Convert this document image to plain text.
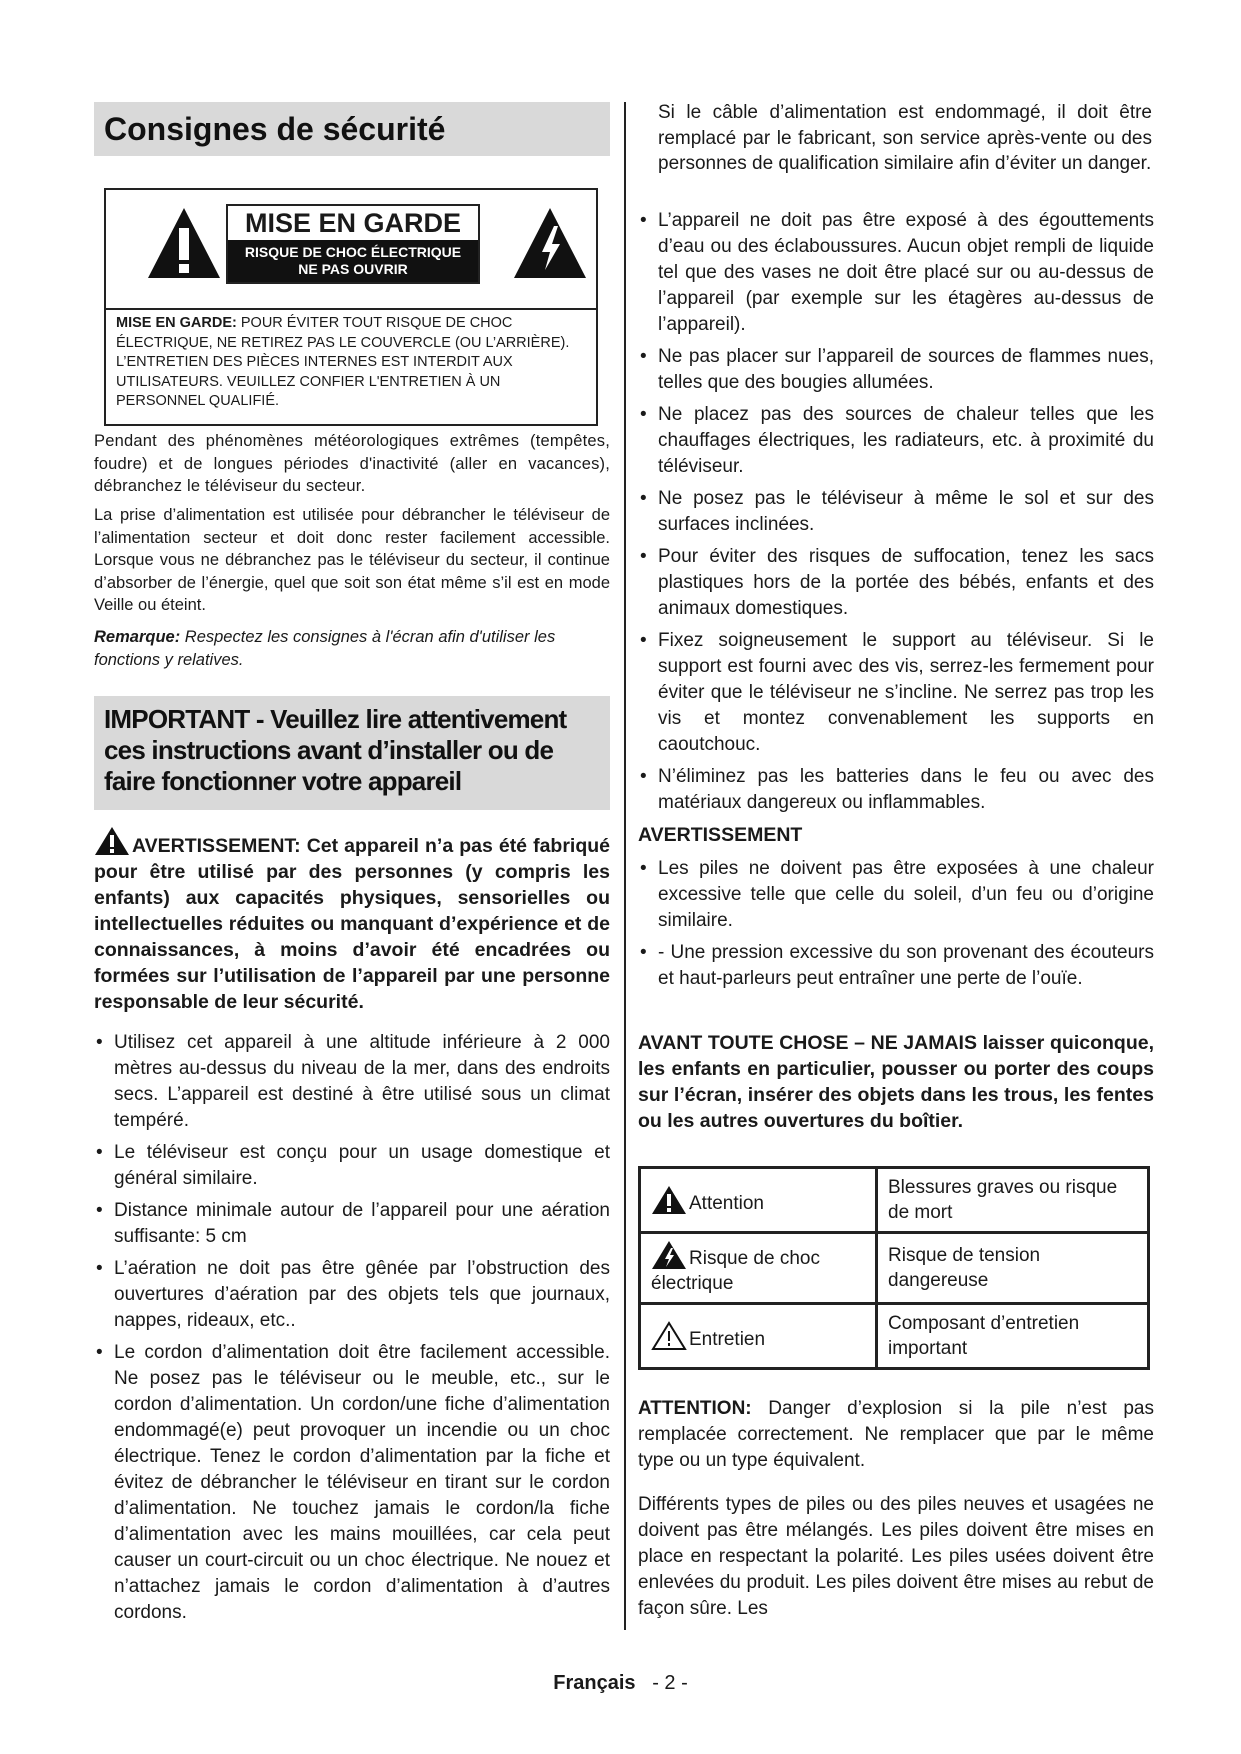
Consignes de sécurité
MISE EN GARDE
RISQUE DE CHOC ÉLECTRIQUE
NE PAS OUVRIR
MISE EN GARDE: POUR ÉVITER TOUT RISQUE DE CHOC ÉLECTRIQUE, NE RETIREZ PAS LE COUVERCLE (OU L’ARRIÈRE).
L’ENTRETIEN DES PIÈCES INTERNES EST INTERDIT AUX UTILISATEURS. VEUILLEZ CONFIER L'ENTRETIEN À UN PERSONNEL QUALIFIÉ.

Pendant des phénomènes météorologiques extrêmes (tempêtes, foudre) et de longues périodes d'inactivité (aller en vacances), débranchez le téléviseur du secteur.

La prise d’alimentation est utilisée pour débrancher le téléviseur de l’alimentation secteur et doit donc rester facilement accessible. Lorsque vous ne débranchez pas le téléviseur du secteur, il continue d’absorber de l’énergie, quel que soit son état même s’il est en mode Veille ou éteint.

Remarque: Respectez les consignes à l'écran afin d'utiliser les fonctions y relatives.

IMPORTANT - Veuillez lire attentivement ces instructions avant d’installer ou de faire fonctionner votre appareil

AVERTISSEMENT: Cet appareil n’a pas été fabriqué pour être utilisé par des personnes (y compris les enfants) aux capacités physiques, sensorielles ou intellectuelles réduites ou manquant d’expérience et de connaissances, à moins d’avoir été encadrées ou formées sur l’utilisation de l’appareil par une personne responsable de leur sécurité.

• Utilisez cet appareil à une altitude inférieure à 2 000 mètres au-dessus du niveau de la mer, dans des endroits secs. L’appareil est destiné à être utilisé sous un climat tempéré.
• Le téléviseur est conçu pour un usage domestique et général similaire.
• Distance minimale autour de l’appareil pour une aération suffisante: 5 cm
• L’aération ne doit pas être gênée par l’obstruction des ouvertures d’aération par des objets tels que journaux, nappes, rideaux, etc..
• Le cordon d’alimentation doit être facilement accessible. Ne posez pas le téléviseur ou le meuble, etc., sur le cordon d’alimentation. Un cordon/une fiche d’alimentation endommagé(e) peut provoquer un incendie ou un choc électrique. Tenez le cordon d’alimentation par la fiche et évitez de débrancher le téléviseur en tirant sur le cordon d’alimentation. Ne touchez jamais le cordon/la fiche d’alimentation avec les mains mouillées, car cela peut causer un court-circuit ou un choc électrique. Ne nouez et n’attachez jamais le cordon d’alimentation à d’autres cordons.

Si le câble d’alimentation est endommagé, il doit être remplacé par le fabricant, son service après-vente ou des personnes de qualification similaire afin d’éviter un danger.

• L’appareil ne doit pas être exposé à des égouttements d’eau ou des éclaboussures. Aucun objet rempli de liquide tel que des vases ne doit être placé sur ou au-dessus de l’appareil (par exemple sur les étagères au-dessus de l’appareil).
• Ne pas placer sur l’appareil de sources de flammes nues, telles que des bougies allumées.
• Ne placez pas des sources de chaleur telles que les chauffages électriques, les radiateurs, etc. à proximité du téléviseur.
• Ne posez pas le téléviseur à même le sol et sur des surfaces inclinées.
• Pour éviter des risques de suffocation, tenez les sacs plastiques hors de la portée des bébés, enfants et des animaux domestiques.
• Fixez soigneusement le support au téléviseur. Si le support est fourni avec des vis, serrez-les fermement pour éviter que le téléviseur ne s’incline. Ne serrez pas trop les vis et montez convenablement les supports en caoutchouc.
• N’éliminez pas les batteries dans le feu ou avec des matériaux dangereux ou inflammables.
AVERTISSEMENT
• Les piles ne doivent pas être exposées à une chaleur excessive telle que celle du soleil, d’un feu ou d’origine similaire.
• - Une pression excessive du son provenant des écouteurs et haut-parleurs peut entraîner une perte de l’ouïe.

AVANT TOUTE CHOSE – NE JAMAIS laisser quiconque, les enfants en particulier, pousser ou porter des coups sur l’écran, insérer des objets dans les trous, les fentes ou les autres ouvertures du boîtier.

Attention	Blessures graves ou risque de mort
Risque de choc électrique	Risque de tension dangereuse
Entretien	Composant d’entretien important

ATTENTION: Danger d’explosion si la pile n’est pas remplacée correctement. Ne remplacer que par le même type ou un type équivalent.

Différents types de piles ou des piles neuves et usagées ne doivent pas être mélangés. Les piles doivent être mises en place en respectant la polarité. Les piles usées doivent être enlevées du produit. Les piles doivent être mises au rebut de façon sûre. Les

Français - 2 -
